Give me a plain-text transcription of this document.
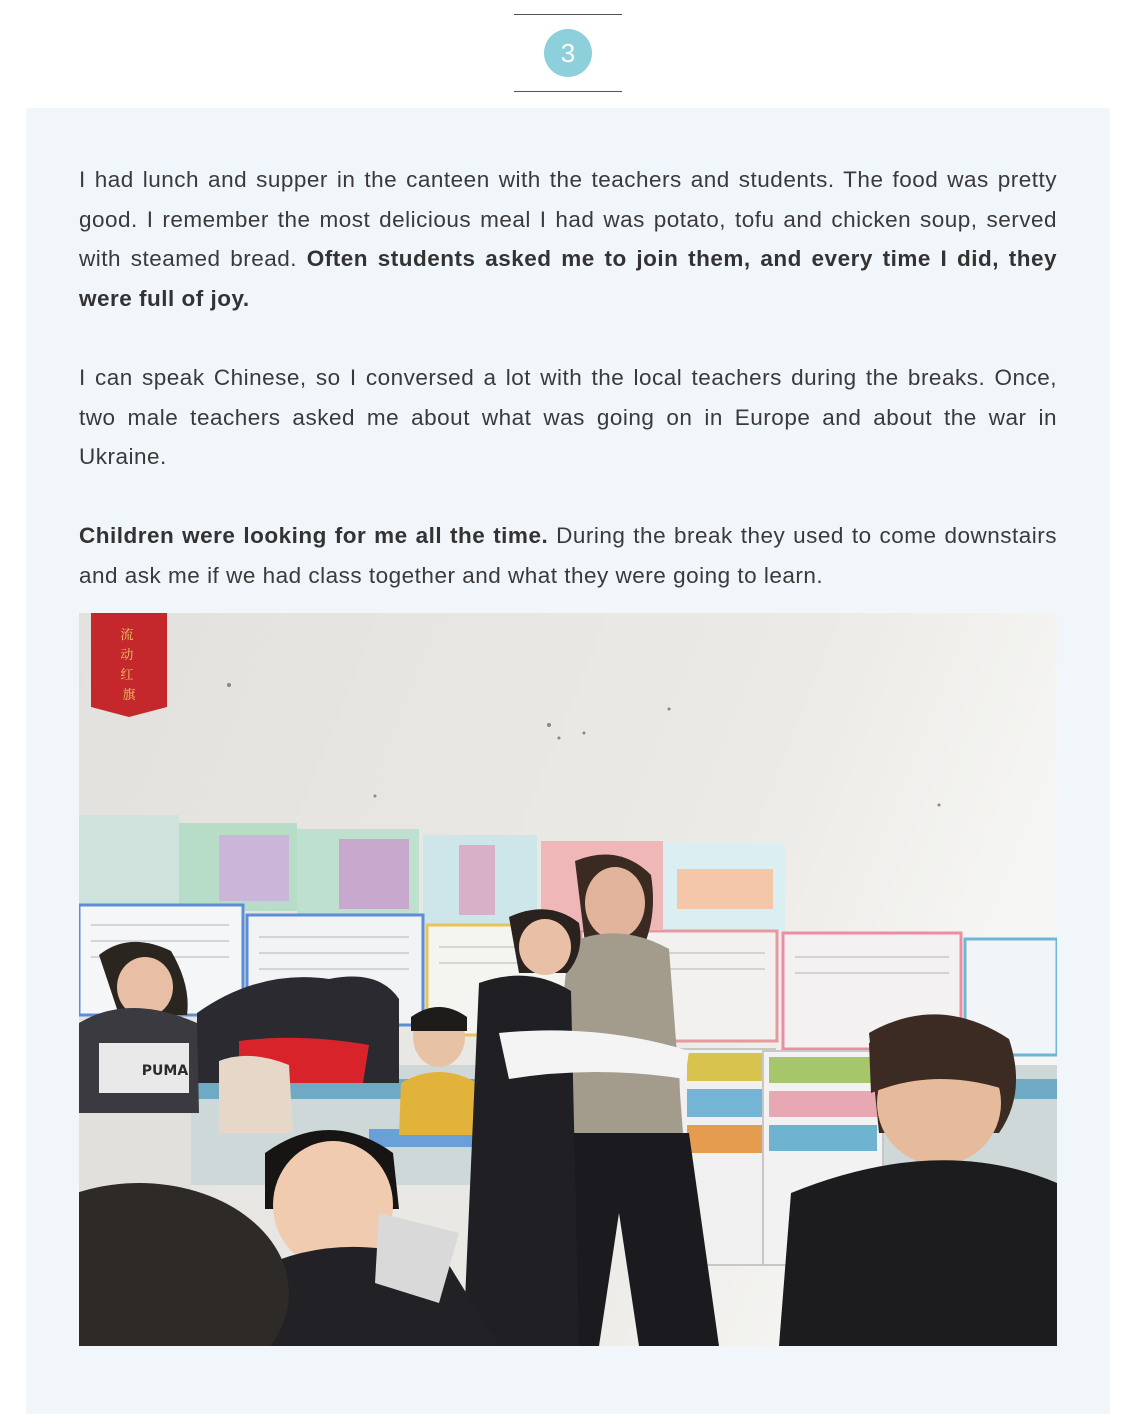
3

I had lunch and supper in the canteen with the teachers and students. The food was pretty good. I remember the most delicious meal I had was potato, tofu and chicken soup, served with steamed bread. Often students asked me to join them, and every time I did, they were full of joy.

I can speak Chinese, so I conversed a lot with the local teachers during the breaks. Once, two male teachers asked me about what was going on in Europe and about the war in Ukraine.

Children were looking for me all the time. During the break they used to come downstairs and ask me if we had class together and what they were going to learn.

流 动 红 旗
PUMA
